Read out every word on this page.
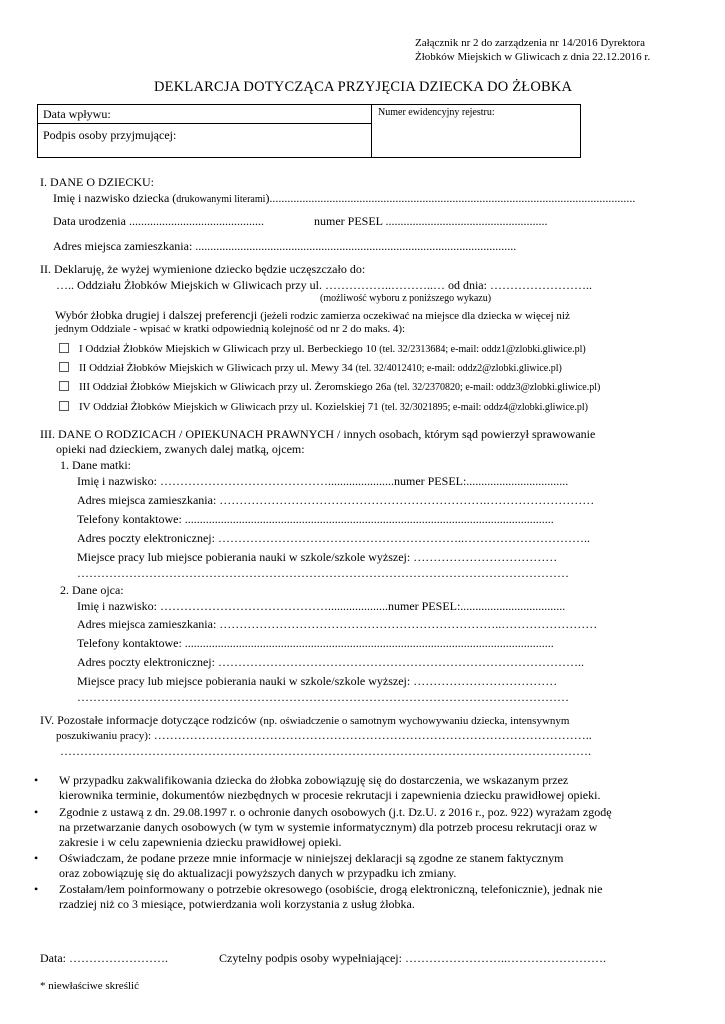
Załącznik nr 2 do zarządzenia nr 14/2016 Dyrektora
Żłobków Miejskich w Gliwicach z dnia 22.12.2016 r.
DEKLARCJA DOTYCZĄCA PRZYJĘCIA DZIECKA DO ŻŁOBKA
Data wpływu:
Podpis osoby przyjmującej:
Numer ewidencyjny rejestru:
I. DANE O DZIECKU:
Imię i nazwisko dziecka (drukowanymi literami)..........................................................................................................................
Data urodzenia .............................................	numer PESEL ......................................................
Adres miejsca zamieszkania: ...........................................................................................................
II. Deklaruję, że wyżej wymienione dziecko będzie uczęszczało do:
….. Oddziału Żłobków Miejskich w Gliwicach przy ul. ……………..………..… od dnia: ……………………..
(możliwość wyboru z poniższego wykazu)
Wybór żłobka drugiej i dalszej preferencji (jeżeli rodzic zamierza oczekiwać na miejsce dla dziecka w więcej niż
jednym Oddziale - wpisać w kratki odpowiednią kolejność od nr 2 do maks. 4):
I Oddział Żłobków Miejskich w Gliwicach przy ul. Berbeckiego 10 (tel. 32/2313684; e-mail: oddz1@zlobki.gliwice.pl)
II Oddział Żłobków Miejskich w Gliwicach przy ul. Mewy 34 (tel. 32/4012410; e-mail: oddz2@zlobki.gliwice.pl)
III Oddział Żłobków Miejskich w Gliwicach przy ul. Żeromskiego 26a (tel. 32/2370820; e-mail: oddz3@zlobki.gliwice.pl)
IV Oddział Żłobków Miejskich w Gliwicach przy ul. Kozielskiej 71 (tel. 32/3021895; e-mail: oddz4@zlobki.gliwice.pl)
III. DANE O RODZICACH / OPIEKUNACH PRAWNYCH / innych osobach, którym sąd powierzył sprawowanie
opieki nad dzieckiem, zwanych dalej matką, ojcem:
1. Dane matki:
Imię i nazwisko: ……………………………………......................numer PESEL:..................................
Adres miejsca zamieszkania: ………………………………………………………….………………………
Telefony kontaktowe: ...........................................................................................................................
Adres poczty elektronicznej: ……………………………………………………..…………………………..
Miejsce pracy lub miejsce pobierania nauki w szkole/szkole wyższej: ………………………………
……………………………………………………………………………………………………………
2. Dane ojca:
Imię i nazwisko: ……………………………………....................numer PESEL:...................................
Adres miejsca zamieszkania: ……………………………………………………………..……………………
Telefony kontaktowe: ...........................................................................................................................
Adres poczty elektronicznej: ………………………………………………………………………………..
Miejsce pracy lub miejsce pobierania nauki w szkole/szkole wyższej: ………………………………
……………………………………………………………………………………………………………
IV. Pozostałe informacje dotyczące rodziców (np. oświadczenie o samotnym wychowywaniu dziecka, intensywnym
poszukiwaniu pracy): ………………………………………………………………………………………………..
…………………………………………………………………………………………………………………….
• W przypadku zakwalifikowania dziecka do żłobka zobowiązuję się do dostarczenia, we wskazanym przez
kierownika terminie, dokumentów niezbędnych w procesie rekrutacji i zapewnienia dziecku prawidłowej opieki.
• Zgodnie z ustawą z dn. 29.08.1997 r. o ochronie danych osobowych (j.t. Dz.U. z 2016 r., poz. 922) wyrażam zgodę
na przetwarzanie danych osobowych (w tym w systemie informatycznym) dla potrzeb procesu rekrutacji oraz w
zakresie i w celu zapewnienia dziecku prawidłowej opieki.
• Oświadczam, że podane przeze mnie informacje w niniejszej deklaracji są zgodne ze stanem faktycznym
oraz zobowiązuję się do aktualizacji powyższych danych w przypadku ich zmiany.
• Zostałam/łem poinformowany o potrzebie okresowego (osobiście, drogą elektroniczną, telefonicznie), jednak nie
rzadziej niż co 3 miesiące, potwierdzania woli korzystania z usług żłobka.
Data: …………………….	Czytelny podpis osoby wypełniającej: ……………………..…………………….
* niewłaściwe skreślić
